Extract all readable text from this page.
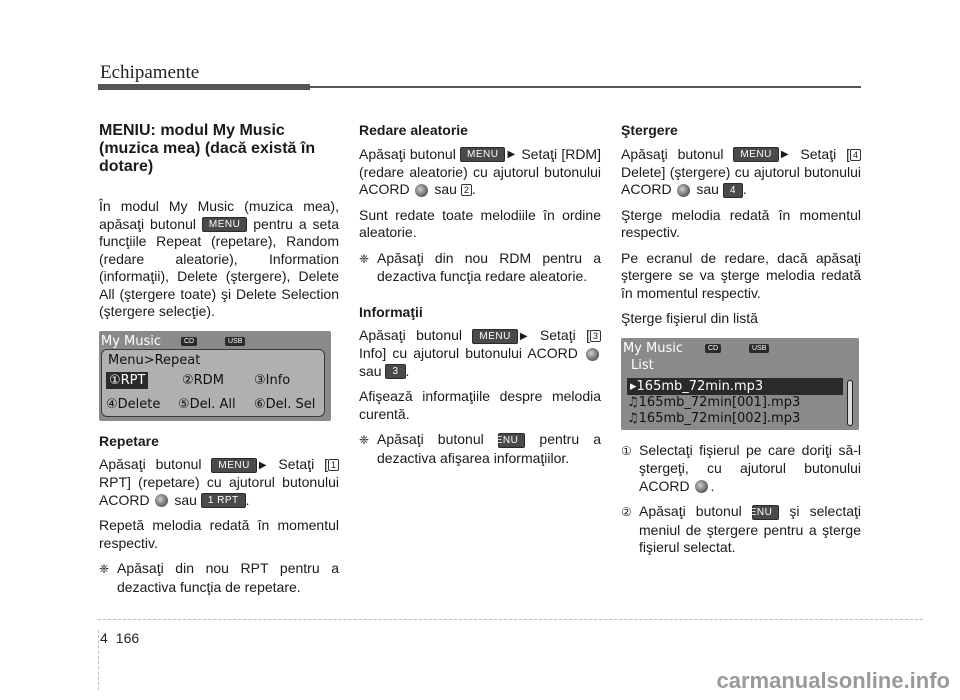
Echipamente
MENIU: modul My Music (muzica mea) (dacă există în dotare)

În modul My Music (muzica mea), apăsaţi butonul MENU pentru a seta funcţiile Repeat (repetare), Random (redare aleatorie), Information (informaţii), Delete (ştergere), Delete All (ştergere toate) şi Delete Selection (ştergere selecţie).

My Music	CD	USB
Menu>Repeat
①RPT	②RDM ③Info
④Delete ⑤Del. All ⑥Del. Sel
Repetare

Apăsaţi butonul MENU ▶ Setaţi [ 1 RPT] (repetare) cu ajutorul butonului ACORD sau 1 RPT .

Repetă melodia redată în momentul respectiv.

❈ Apăsaţi din nou RPT pentru a dezactiva funcţia de repetare.

Redare aleatorie

Apăsaţi butonul MENU ▶ Setaţi [RDM] (redare aleatorie) cu ajutorul butonului ACORD sau 2 .

Sunt redate toate melodiile în ordine aleatorie.

❈ Apăsaţi din nou RDM pentru a dezactiva funcţia redare aleatorie.

Informaţii

Apăsaţi butonul MENU ▶ Setaţi [ 3 Info] cu ajutorul butonului ACORD  sau 3 .

Afişează informaţiile despre melodia curentă.

❈ Apăsaţi butonul MENU pentru a dezactiva afişarea informaţiilor.

Ştergere

Apăsaţi butonul MENU ▶ Setaţi [ 4 Delete] (ştergere) cu ajutorul butonului ACORD sau 4 .

Şterge melodia redată în momentul respectiv.

Pe ecranul de redare, dacă apăsaţi ştergere se va şterge melodia redată în momentul respectiv.

Şterge fişierul din listă

My Music	CD	USB
List
▸165mb_72min.mp3
♫165mb_72min[001].mp3
♫165mb_72min[002].mp3

① Selectaţi fişierul pe care doriţi să-l ştergeţi, cu ajutorul butonului ACORD .

② Apăsaţi butonul MENU şi selectaţi meniul de ştergere pentru a şterge fişierul selectat.

4 166
carmanualsonline.info
